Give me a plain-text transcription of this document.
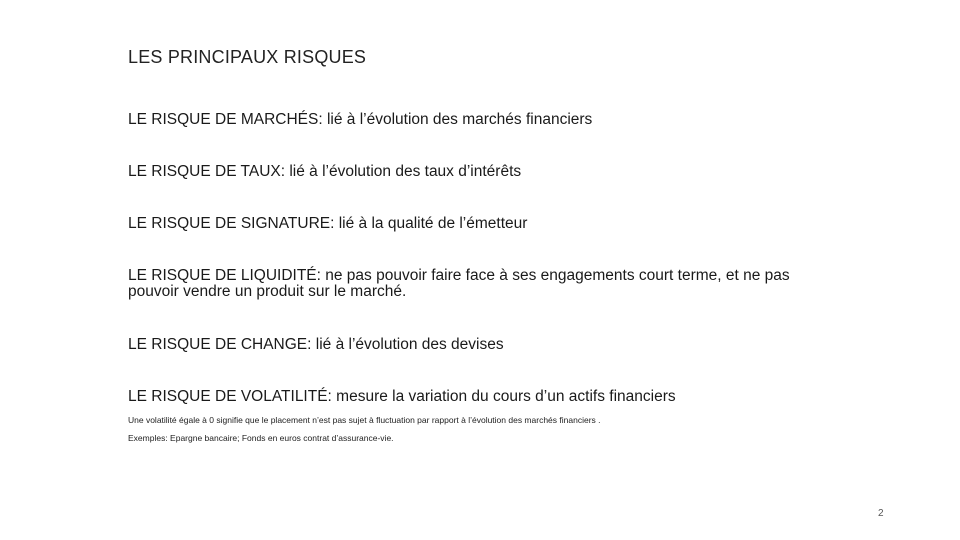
LES PRINCIPAUX RISQUES
LE RISQUE DE MARCHÉS: lié à l’évolution des marchés financiers
LE RISQUE DE TAUX: lié à l’évolution des taux d’intérêts
LE RISQUE DE SIGNATURE: lié à la qualité de l’émetteur
LE RISQUE DE LIQUIDITÉ: ne pas pouvoir faire face à ses engagements court terme, et ne pas pouvoir vendre un produit sur le marché.
LE RISQUE DE CHANGE: lié à l’évolution des devises
LE RISQUE DE VOLATILITÉ: mesure la variation du cours d’un actifs financiers
Une volatilité égale à 0 signifie que le placement n’est pas sujet à fluctuation par rapport à l’évolution des marchés financiers .
Exemples: Epargne bancaire; Fonds en euros contrat d’assurance-vie.
2
